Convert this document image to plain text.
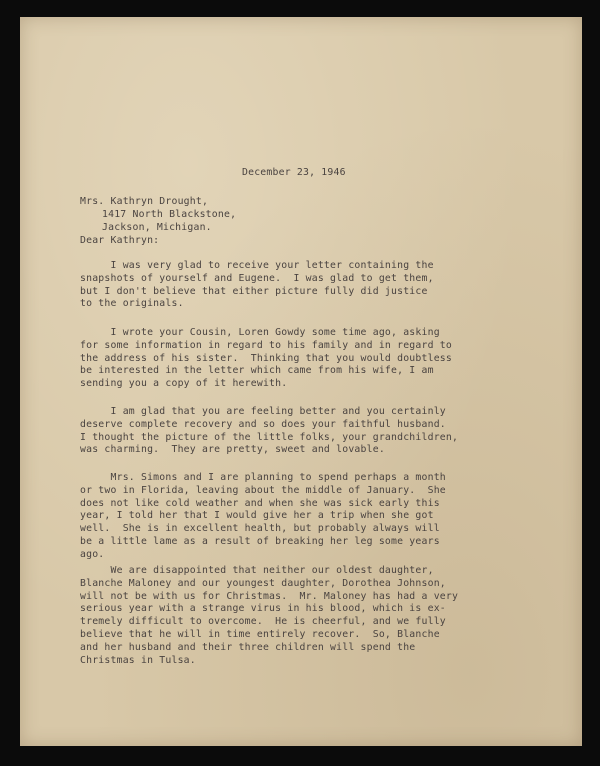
December 23, 1946
Mrs. Kathryn Drought,
1417 North Blackstone,
Jackson, Michigan.
Dear Kathryn:
I was very glad to receive your letter containing the
snapshots of yourself and Eugene.  I was glad to get them,
but I don't believe that either picture fully did justice
to the originals.
I wrote your Cousin, Loren Gowdy some time ago, asking
for some information in regard to his family and in regard to
the address of his sister.  Thinking that you would doubtless
be interested in the letter which came from his wife, I am
sending you a copy of it herewith.
I am glad that you are feeling better and you certainly
deserve complete recovery and so does your faithful husband.
I thought the picture of the little folks, your grandchildren,
was charming.  They are pretty, sweet and lovable.
Mrs. Simons and I are planning to spend perhaps a month
or two in Florida, leaving about the middle of January.  She
does not like cold weather and when she was sick early this
year, I told her that I would give her a trip when she got
well.  She is in excellent health, but probably always will
be a little lame as a result of breaking her leg some years
ago.
We are disappointed that neither our oldest daughter,
Blanche Maloney and our youngest daughter, Dorothea Johnson,
will not be with us for Christmas.  Mr. Maloney has had a very
serious year with a strange virus in his blood, which is ex-
tremely difficult to overcome.  He is cheerful, and we fully
believe that he will in time entirely recover.  So, Blanche
and her husband and their three children will spend the
Christmas in Tulsa.
